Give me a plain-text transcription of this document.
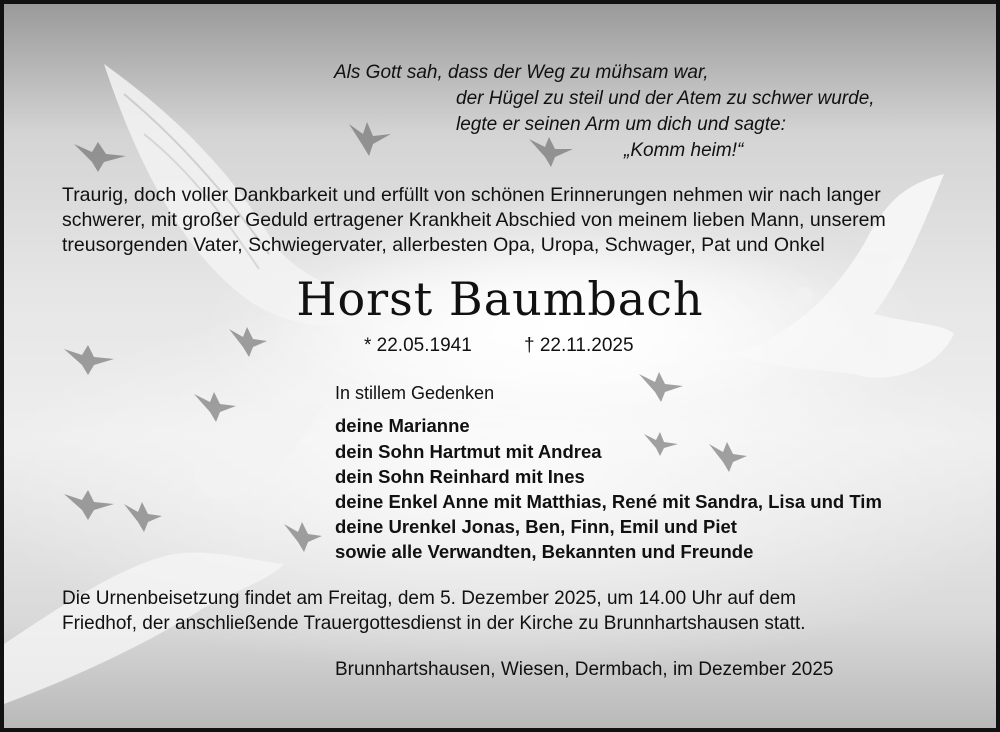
Als Gott sah, dass der Weg zu mühsam war,
der Hügel zu steil und der Atem zu schwer wurde,
legte er seinen Arm um dich und sagte:
„Komm heim!“
Traurig, doch voller Dankbarkeit und erfüllt von schönen Erinnerungen nehmen wir nach langer
schwerer, mit großer Geduld ertragener Krankheit Abschied von meinem lieben Mann, unserem
treusorgenden Vater, Schwiegervater, allerbesten Opa, Uropa, Schwager, Pat und Onkel
Horst Baumbach
* 22.05.1941	† 22.11.2025
In stillem Gedenken
deine Marianne
dein Sohn Hartmut mit Andrea
dein Sohn Reinhard mit Ines
deine Enkel Anne mit Matthias, René mit Sandra, Lisa und Tim
deine Urenkel Jonas, Ben, Finn, Emil und Piet
sowie alle Verwandten, Bekannten und Freunde
Die Urnenbeisetzung findet am Freitag, dem 5. Dezember 2025, um 14.00 Uhr auf dem
Friedhof, der anschließende Trauergottesdienst in der Kirche zu Brunnhartshausen statt.
Brunnhartshausen, Wiesen, Dermbach, im Dezember 2025
